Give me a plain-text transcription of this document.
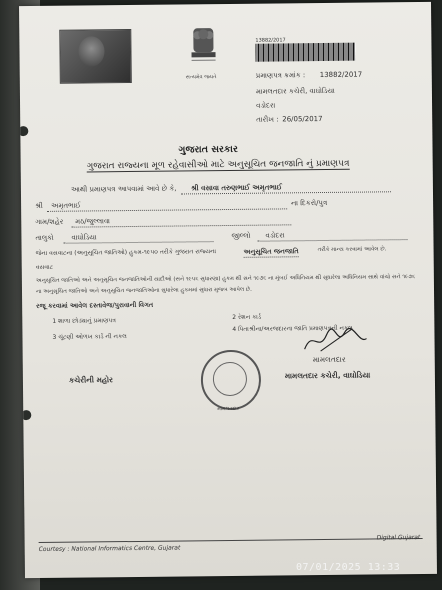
સત્યમેવ જયતે
13882/2017
પ્રમાણપત્ર ક્રમાંક : 13882/2017
મામલતદાર કચેરી, વાઘોડિયા
વડોદરા
તારીખ : 26/05/2017
ગુજરાત સરકાર
ગુજરાત રાજ્યના મૂળ રહેવાસીઓ માટે અનુસૂચિત જનજાતિ નું પ્રમાણપત્ર
આથી પ્રમાણપત્ર આપવામાં આવે છે કે, શ્રી વસાવા તરુણભાઈ અમૃતભાઈ
શ્રી અમૃતભાઈ	ના દિકરો/પુત્ર
ગામ/શહેર મઠ/જુલ્લાવા
તાલુકો	વાઘોડિયા	જીલ્લો વડોદરા
જેના વસવાટના (અનુસૂચિત જાતિઓ) હુકમ-૧૯૫૦ તરીકે ગુજરાત રાજ્યના	અનુસૂચિત જનજાતિ	તરીકે માન્ય કરવામાં આવેલ છે.
વસવાટ
અનુસૂચિત જાતિઓ અને અનુસૂચિત જનજાતિઓની યાદીઓ (સને ૧૯૫૬ સુધારણા) હુકમ થી સને ૧૯૭૬ ના મુંબઈ અધિનિયમ થી સુધારેલા અધિનિયમ સાથે વાંચો સને ૧૯૭૬ ના અનુસૂચિત જાતિઓ અને અનુસૂચિત જનજાતિઓના સુધારેલા હુકમમાં સુધારા મુજબ આપેલ છે.
રજૂ કરવામાં આવેલ દસ્તાવેજ/પુરાવાની વિગત
1 શાળા છોડ્યાનું પ્રમાણપત્ર	2 રેશન કાર્ડ
3 ચૂંટણી ઓળખ કાર્ડ ની નકલ
4 પિતાશ્રીના/અરજદારના જાતિ પ્રમાણપત્રની નકલ
મામલતદાર
મામલતદાર
કચેરીની મહોર	મામલતદાર કચેરી, વાઘોડિયા
Courtesy : National Informatics Centre, Gujarat
Digital Gujarat
07/01/2025 13:33
